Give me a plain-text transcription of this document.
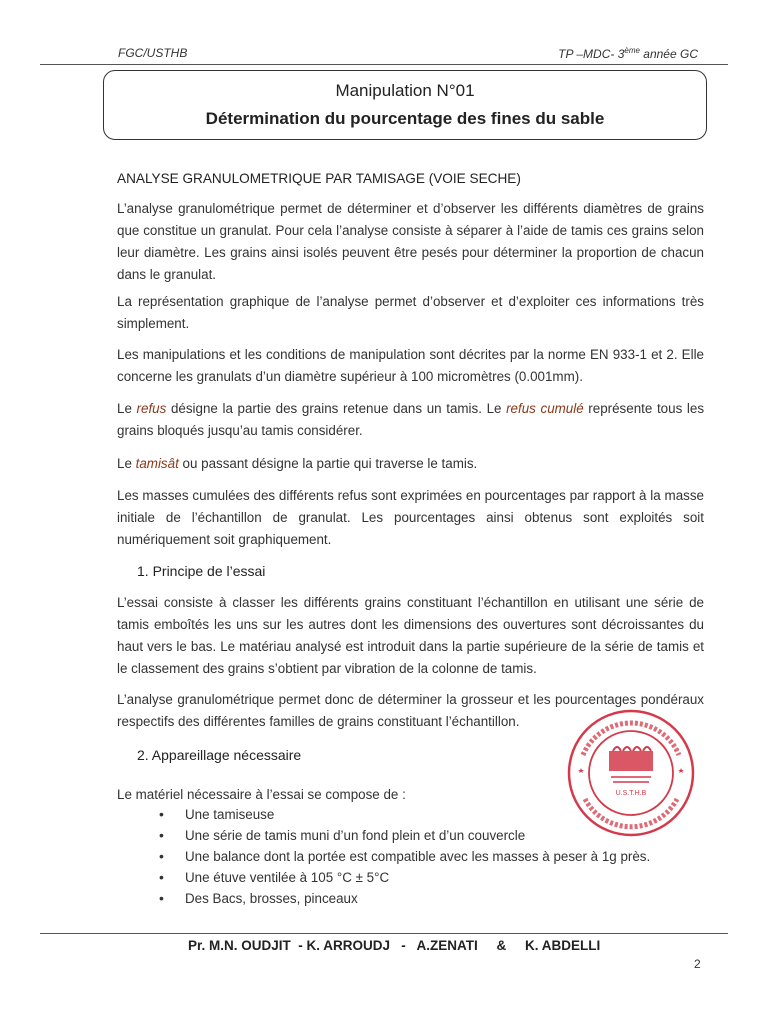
FGC/USTHB	TP –MDC- 3ème année GC
Manipulation N°01
Détermination du pourcentage des fines du sable
ANALYSE GRANULOMETRIQUE PAR TAMISAGE (VOIE SECHE)
L’analyse granulométrique permet de déterminer et d’observer les différents diamètres de grains que constitue un granulat. Pour cela l’analyse consiste à séparer à l’aide de tamis ces grains selon leur diamètre. Les grains ainsi isolés peuvent être pesés pour déterminer la proportion de chacun dans le granulat.
La représentation graphique de l’analyse permet d’observer et d’exploiter ces informations très simplement.
Les manipulations et les conditions de manipulation sont décrites par la norme EN 933-1 et 2. Elle concerne les granulats d’un diamètre supérieur à 100 micromètres (0.001mm).
Le refus désigne la partie des grains retenue dans un tamis. Le refus cumulé représente tous les grains bloqués jusqu’au tamis considérer.
Le tamisât ou passant désigne la partie qui traverse le tamis.
Les masses cumulées des différents refus sont exprimées en pourcentages par rapport à la masse initiale de l’échantillon de granulat. Les pourcentages ainsi obtenus sont exploités soit numériquement soit graphiquement.
1. Principe de l’essai
L’essai consiste à classer les différents grains constituant l’échantillon en utilisant une série de tamis emboîtés les uns sur les autres dont les dimensions des ouvertures sont décroissantes du haut vers le bas. Le matériau analysé est introduit dans la partie supérieure de la série de tamis et le classement des grains s’obtient par vibration de la colonne de tamis.
L’analyse granulométrique permet donc de déterminer la grosseur et les pourcentages pondéraux respectifs des différentes familles de grains constituant l’échantillon.
2. Appareillage nécessaire
Le matériel nécessaire à l’essai se compose de :
• Une tamiseuse
• Une série de tamis muni d’un fond plein et d’un couvercle
• Une balance dont la portée est compatible avec les masses à peser à 1g près.
• Une étuve ventilée à 105 °C ± 5°C
• Des Bacs, brosses, pinceaux
U.S.T.H.B
Pr. M.N. OUDJIT  - K. ARROUDJ   -   A.ZENATI     &     K. ABDELLI
2
